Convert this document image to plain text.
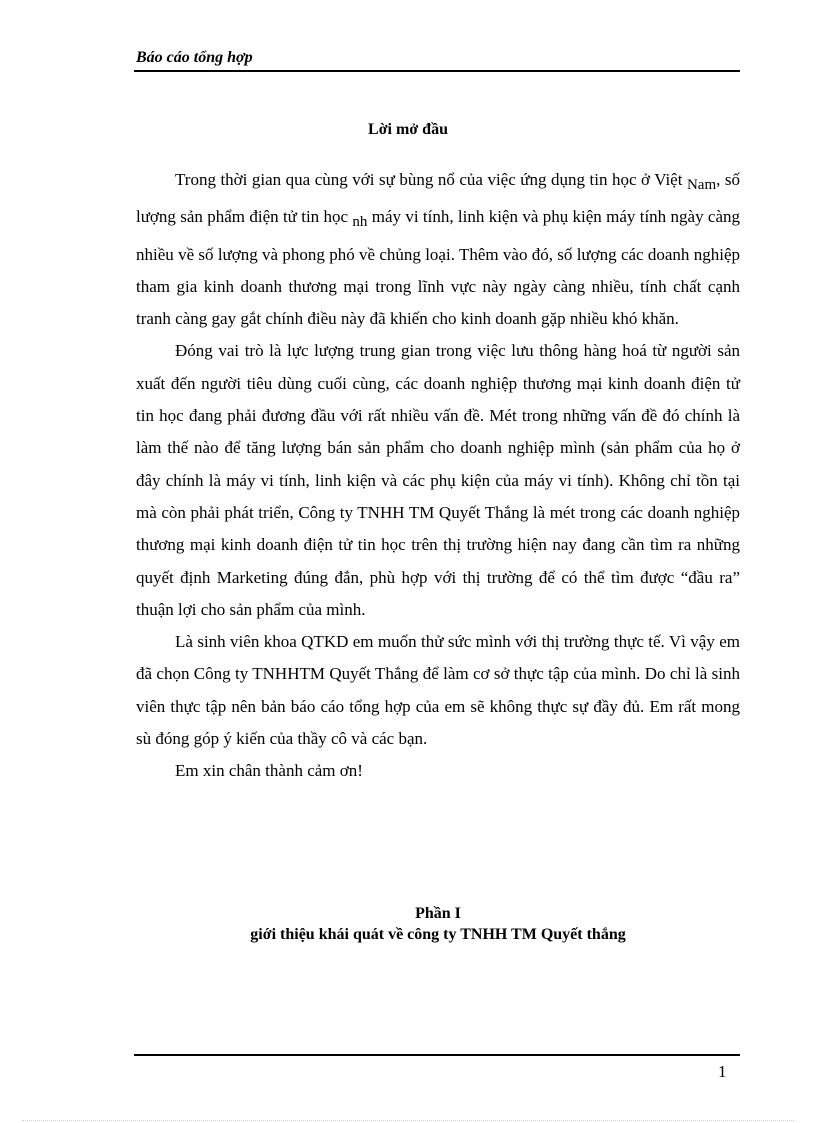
Báo cáo tổng hợp
Lời mở đầu

Trong thời gian qua cùng với sự bùng nổ của việc ứng dụng tin học ở Việt Nam, số lượng sản phẩm điện tử tin học nh máy vi tính, linh kiện và phụ kiện máy tính ngày càng nhiều về số lượng và phong phó về chủng loại. Thêm vào đó, số lượng các doanh nghiệp tham gia kinh doanh thương mại trong lĩnh vực này ngày càng nhiều, tính chất cạnh tranh càng gay gắt chính điều này đã khiến cho kinh doanh gặp nhiều khó khăn.

Đóng vai trò là lực lượng trung gian trong việc lưu thông hàng hoá từ người sản xuất đến người tiêu dùng cuối cùng, các doanh nghiệp thương mại kinh doanh điện tử tin học đang phải đương đầu với rất nhiều vấn đề. Mét trong những vấn đề đó chính là làm thế nào để tăng lượng bán sản phẩm cho doanh nghiệp mình (sản phẩm của họ ở đây chính là máy vi tính, linh kiện và các phụ kiện của máy vi tính). Không chỉ tồn tại mà còn phải phát triển, Công ty TNHH TM Quyết Thắng là mét trong các doanh nghiệp thương mại kinh doanh điện tử tin học trên thị trường hiện nay đang cần tìm ra những quyết định Marketing đúng đắn, phù hợp với thị trường để có thể tìm được “đầu ra” thuận lợi cho sản phẩm của mình.

Là sinh viên khoa QTKD em muốn thử sức mình với thị trường thực tế. Vì vậy em đã chọn Công ty TNHHTM Quyết Thắng để làm cơ sở thực tập của mình. Do chỉ là sinh viên thực tập nên bản báo cáo tổng hợp của em sẽ không thực sự đầy đủ. Em rất mong sù đóng góp ý kiến của thầy cô và các bạn.

Em xin chân thành cảm ơn!

Phần I
giới thiệu khái quát về công ty TNHH TM Quyết thắng
1
